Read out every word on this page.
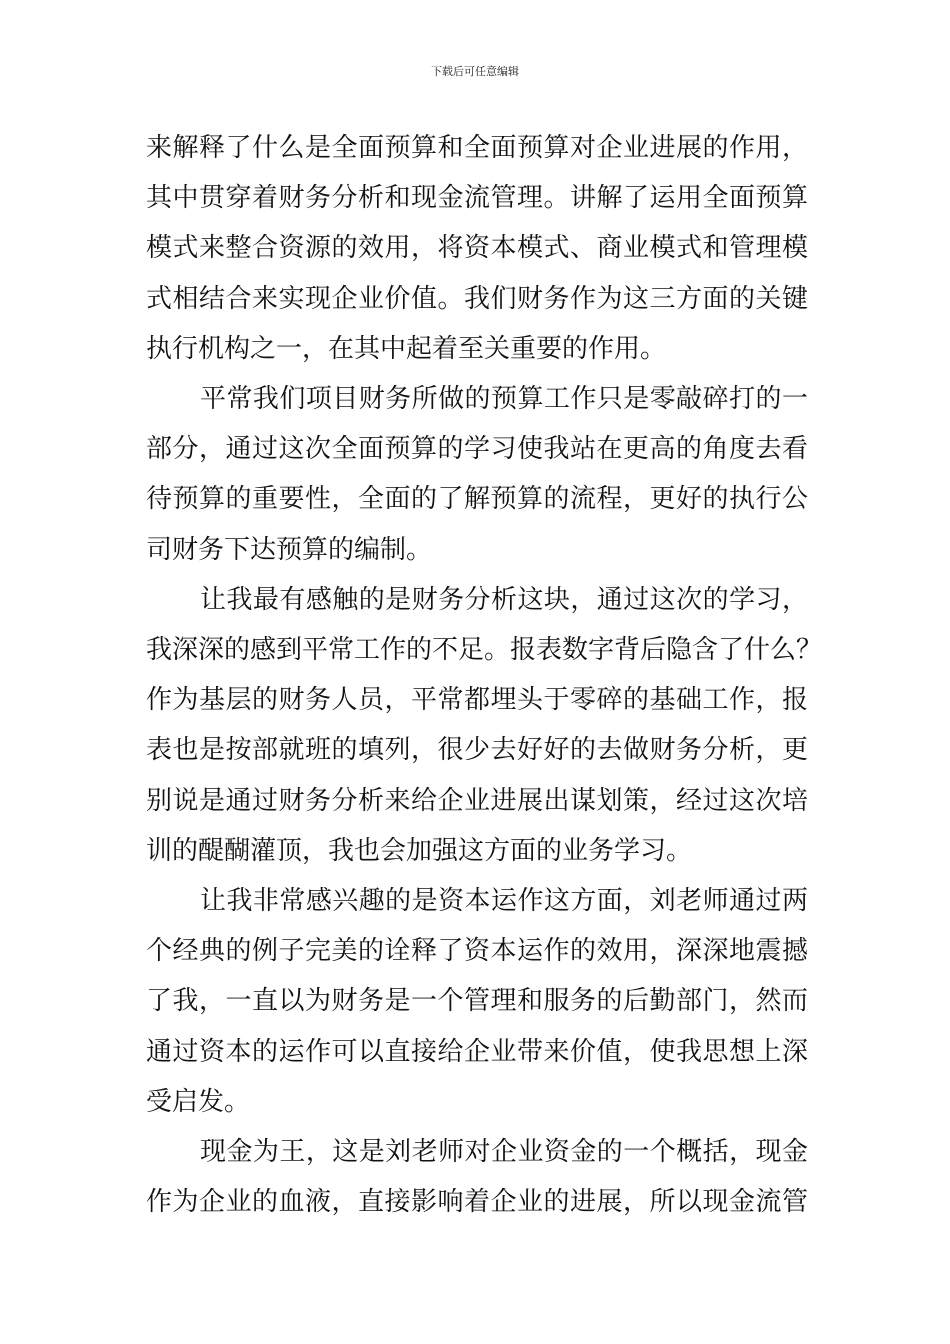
下载后可任意编辑
来解释了什么是全面预算和全面预算对企业进展的作用，
其中贯穿着财务分析和现金流管理。讲解了运用全面预算
模式来整合资源的效用，将资本模式、商业模式和管理模
式相结合来实现企业价值。我们财务作为这三方面的关键
执行机构之一，在其中起着至关重要的作用。
平常我们项目财务所做的预算工作只是零敲碎打的一
部分，通过这次全面预算的学习使我站在更高的角度去看
待预算的重要性，全面的了解预算的流程，更好的执行公
司财务下达预算的编制。
让我最有感触的是财务分析这块，通过这次的学习，
我深深的感到平常工作的不足。报表数字背后隐含了什么？
作为基层的财务人员，平常都埋头于零碎的基础工作，报
表也是按部就班的填列，很少去好好的去做财务分析，更
别说是通过财务分析来给企业进展出谋划策，经过这次培
训的醍醐灌顶，我也会加强这方面的业务学习。
让我非常感兴趣的是资本运作这方面，刘老师通过两
个经典的例子完美的诠释了资本运作的效用，深深地震撼
了我，一直以为财务是一个管理和服务的后勤部门，然而
通过资本的运作可以直接给企业带来价值，使我思想上深
受启发。
现金为王，这是刘老师对企业资金的一个概括，现金
作为企业的血液，直接影响着企业的进展，所以现金流管
